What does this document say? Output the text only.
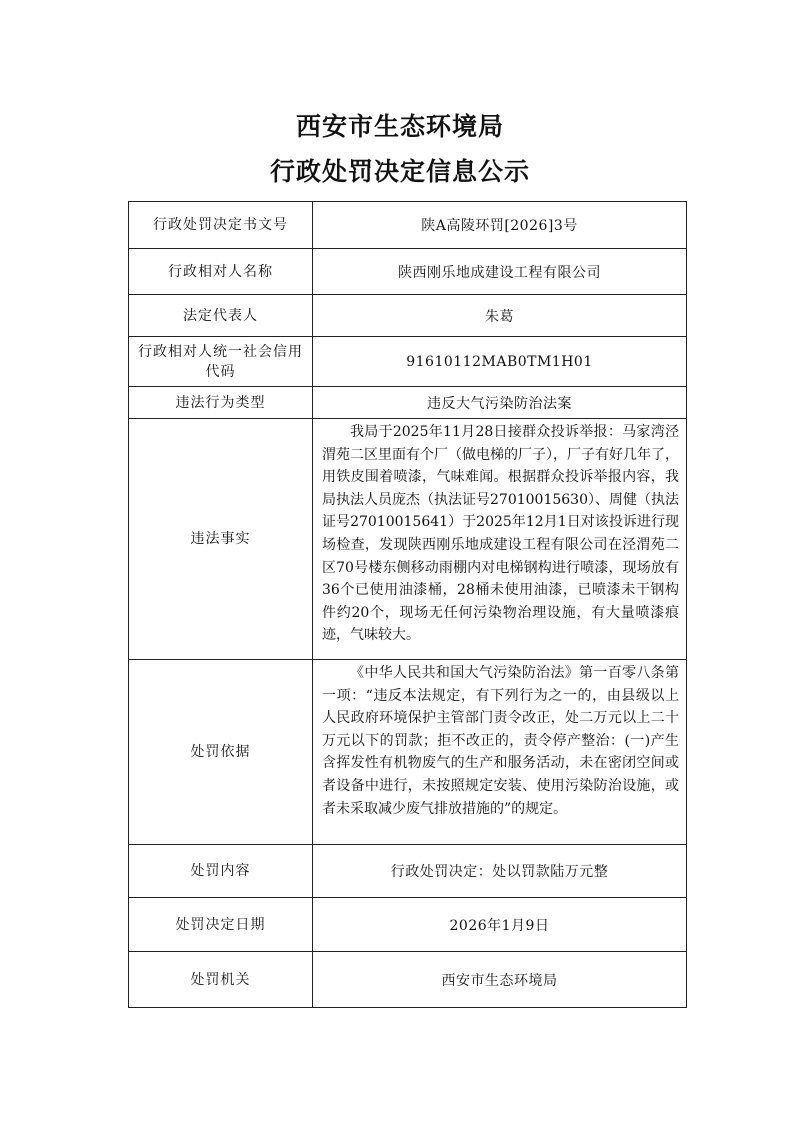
西安市生态环境局
行政处罚决定信息公示
行政处罚决定书文号	陕A高陵环罚[2026]3号
行政相对人名称	陕西刚乐地成建设工程有限公司
法定代表人	朱葛
行政相对人统一社会信用代码	91610112MAB0TM1H01
违法行为类型	违反大气污染防治法案
违法事实	我局于2025年11月28日接群众投诉举报：马家湾泾渭苑二区里面有个厂（做电梯的厂子），厂子有好几年了，用铁皮围着喷漆，气味难闻。根据群众投诉举报内容，我局执法人员庞杰（执法证号27010015630）、周健（执法证号27010015641）于2025年12月1日对该投诉进行现场检查，发现陕西刚乐地成建设工程有限公司在泾渭苑二区70号楼东侧移动雨棚内对电梯钢构进行喷漆，现场放有36个已使用油漆桶，28桶未使用油漆，已喷漆未干钢构件约20个，现场无任何污染物治理设施，有大量喷漆痕迹，气味较大。

处罚依据	《中华人民共和国大气污染防治法》第一百零八条第一项：“违反本法规定，有下列行为之一的，由县级以上人民政府环境保护主管部门责令改正，处二万元以上二十万元以下的罚款；拒不改正的，责令停产整治：(一)产生含挥发性有机物废气的生产和服务活动，未在密闭空间或者设备中进行，未按照规定安装、使用污染防治设施，或者未采取减少废气排放措施的”的规定。

处罚内容	行政处罚决定：处以罚款陆万元整
处罚决定日期	2026年1月9日
处罚机关	西安市生态环境局
